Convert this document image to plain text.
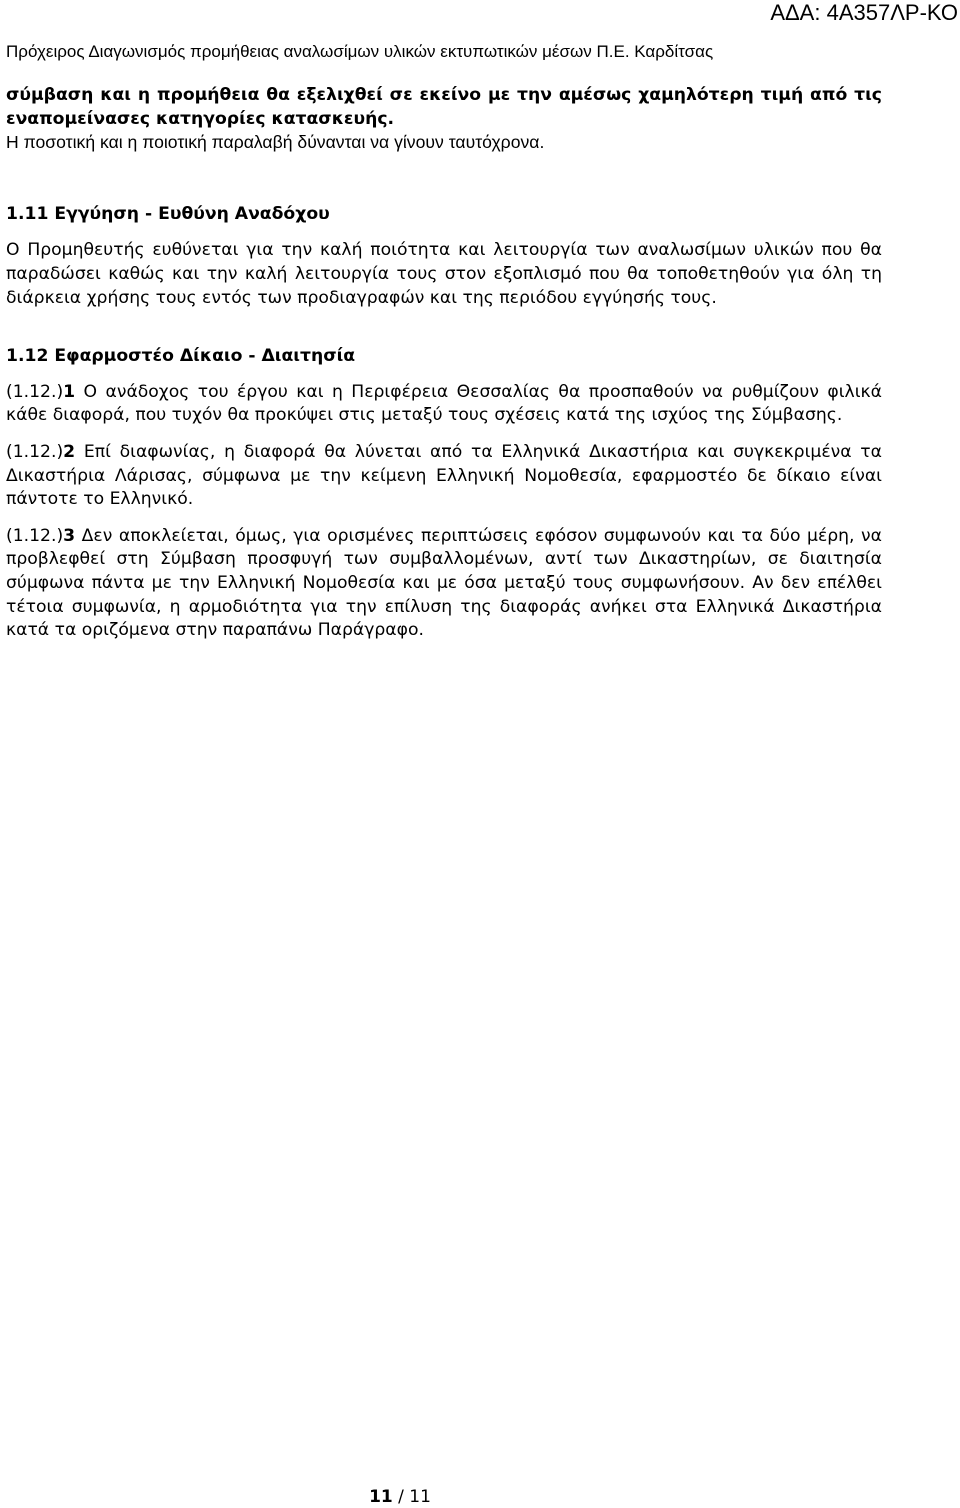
ΑΔΑ: 4Α357ΛΡ-ΚΟ
Πρόχειρος Διαγωνισμός προμήθειας αναλωσίμων υλικών εκτυπωτικών μέσων Π.Ε. Καρδίτσας

σύμβαση και η προμήθεια θα εξελιχθεί σε εκείνο με την αμέσως χαμηλότερη τιμή από τις εναπομείνασες κατηγορίες κατασκευής.

Η ποσοτική και η ποιοτική παραλαβή δύνανται να γίνουν ταυτόχρονα.

1.11 Εγγύηση - Ευθύνη Αναδόχου

Ο Προμηθευτής ευθύνεται για την καλή ποιότητα και λειτουργία των αναλωσίμων υλικών που θα παραδώσει καθώς και την καλή λειτουργία τους στον εξοπλισμό που θα τοποθετηθούν για όλη τη διάρκεια χρήσης τους εντός των προδιαγραφών και της περιόδου εγγύησής τους.

1.12 Εφαρμοστέο Δίκαιο - Διαιτησία

(1.12.)1 Ο ανάδοχος του έργου και η Περιφέρεια Θεσσαλίας θα προσπαθούν να ρυθμίζουν φιλικά κάθε διαφορά, που τυχόν θα προκύψει στις μεταξύ τους σχέσεις κατά της ισχύος της Σύμβασης.

(1.12.)2 Επί διαφωνίας, η διαφορά θα λύνεται από τα Ελληνικά Δικαστήρια και συγκεκριμένα τα Δικαστήρια Λάρισας, σύμφωνα με την κείμενη Ελληνική Νομοθεσία, εφαρμοστέο δε δίκαιο είναι πάντοτε το Ελληνικό.

(1.12.)3 Δεν αποκλείεται, όμως, για ορισμένες περιπτώσεις εφόσον συμφωνούν και τα δύο μέρη, να προβλεφθεί στη Σύμβαση προσφυγή των συμβαλλομένων, αντί των Δικαστηρίων, σε διαιτησία σύμφωνα πάντα με την Ελληνική Νομοθεσία και με όσα μεταξύ τους συμφωνήσουν. Αν δεν επέλθει τέτοια συμφωνία, η αρμοδιότητα για την επίλυση της διαφοράς ανήκει στα Ελληνικά Δικαστήρια κατά τα οριζόμενα στην παραπάνω Παράγραφο.

11 / 11
